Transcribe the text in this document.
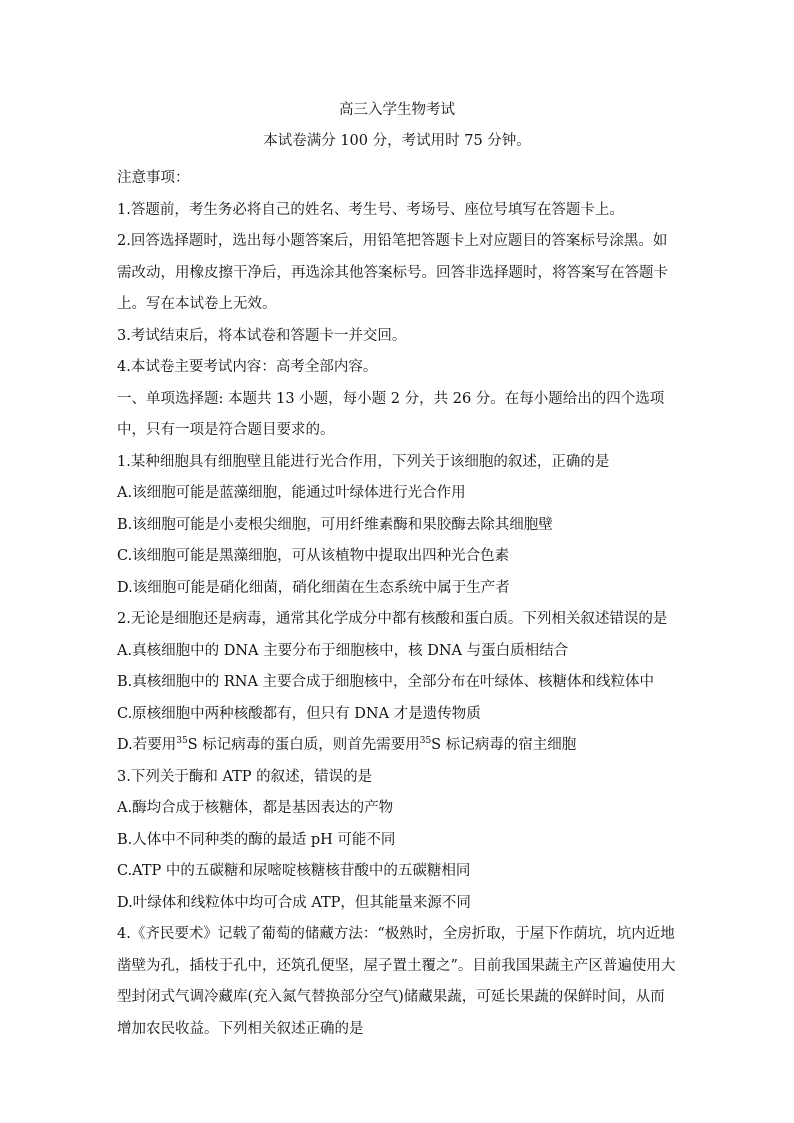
高三入学生物考试
本试卷满分 100 分，考试用时 75 分钟。
注意事项：
1.答题前，考生务必将自己的姓名、考生号、考场号、座位号填写在答题卡上。
2.回答选择题时，选出每小题答案后，用铅笔把答题卡上对应题目的答案标号涂黑。如需改动，用橡皮擦干净后，再选涂其他答案标号。回答非选择题时，将答案写在答题卡上。写在本试卷上无效。
3.考试结束后，将本试卷和答题卡一并交回。
4.本试卷主要考试内容：高考全部内容。
一、单项选择题: 本题共 13 小题，每小题 2 分，共 26 分。在每小题给出的四个选项中，只有一项是符合题目要求的。
1.某种细胞具有细胞壁且能进行光合作用，下列关于该细胞的叙述，正确的是
A.该细胞可能是蓝藻细胞，能通过叶绿体进行光合作用
B.该细胞可能是小麦根尖细胞，可用纤维素酶和果胶酶去除其细胞壁
C.该细胞可能是黑藻细胞，可从该植物中提取出四种光合色素
D.该细胞可能是硝化细菌，硝化细菌在生态系统中属于生产者
2.无论是细胞还是病毒，通常其化学成分中都有核酸和蛋白质。下列相关叙述错误的是
A.真核细胞中的 DNA 主要分布于细胞核中，核 DNA 与蛋白质相结合
B.真核细胞中的 RNA 主要合成于细胞核中，全部分布在叶绿体、核糖体和线粒体中
C.原核细胞中两种核酸都有，但只有 DNA 才是遗传物质
D.若要用$^{35}$S 标记病毒的蛋白质，则首先需要用$^{35}$S 标记病毒的宿主细胞
3.下列关于酶和 ATP 的叙述，错误的是
A.酶均合成于核糖体，都是基因表达的产物
B.人体中不同种类的酶的最适 pH 可能不同
C.ATP 中的五碳糖和尿嘧啶核糖核苷酸中的五碳糖相同
D.叶绿体和线粒体中均可合成 ATP，但其能量来源不同
4.《齐民要术》记载了葡萄的储藏方法：“极熟时，全房折取，于屋下作荫坑，坑内近地凿壁为孔，插枝于孔中，还筑孔便坚，屋子置土覆之”。目前我国果蔬主产区普遍使用大型封闭式气调冷藏库(充入氮气替换部分空气)储藏果蔬，可延长果蔬的保鲜时间，从而增加农民收益。下列相关叙述正确的是
